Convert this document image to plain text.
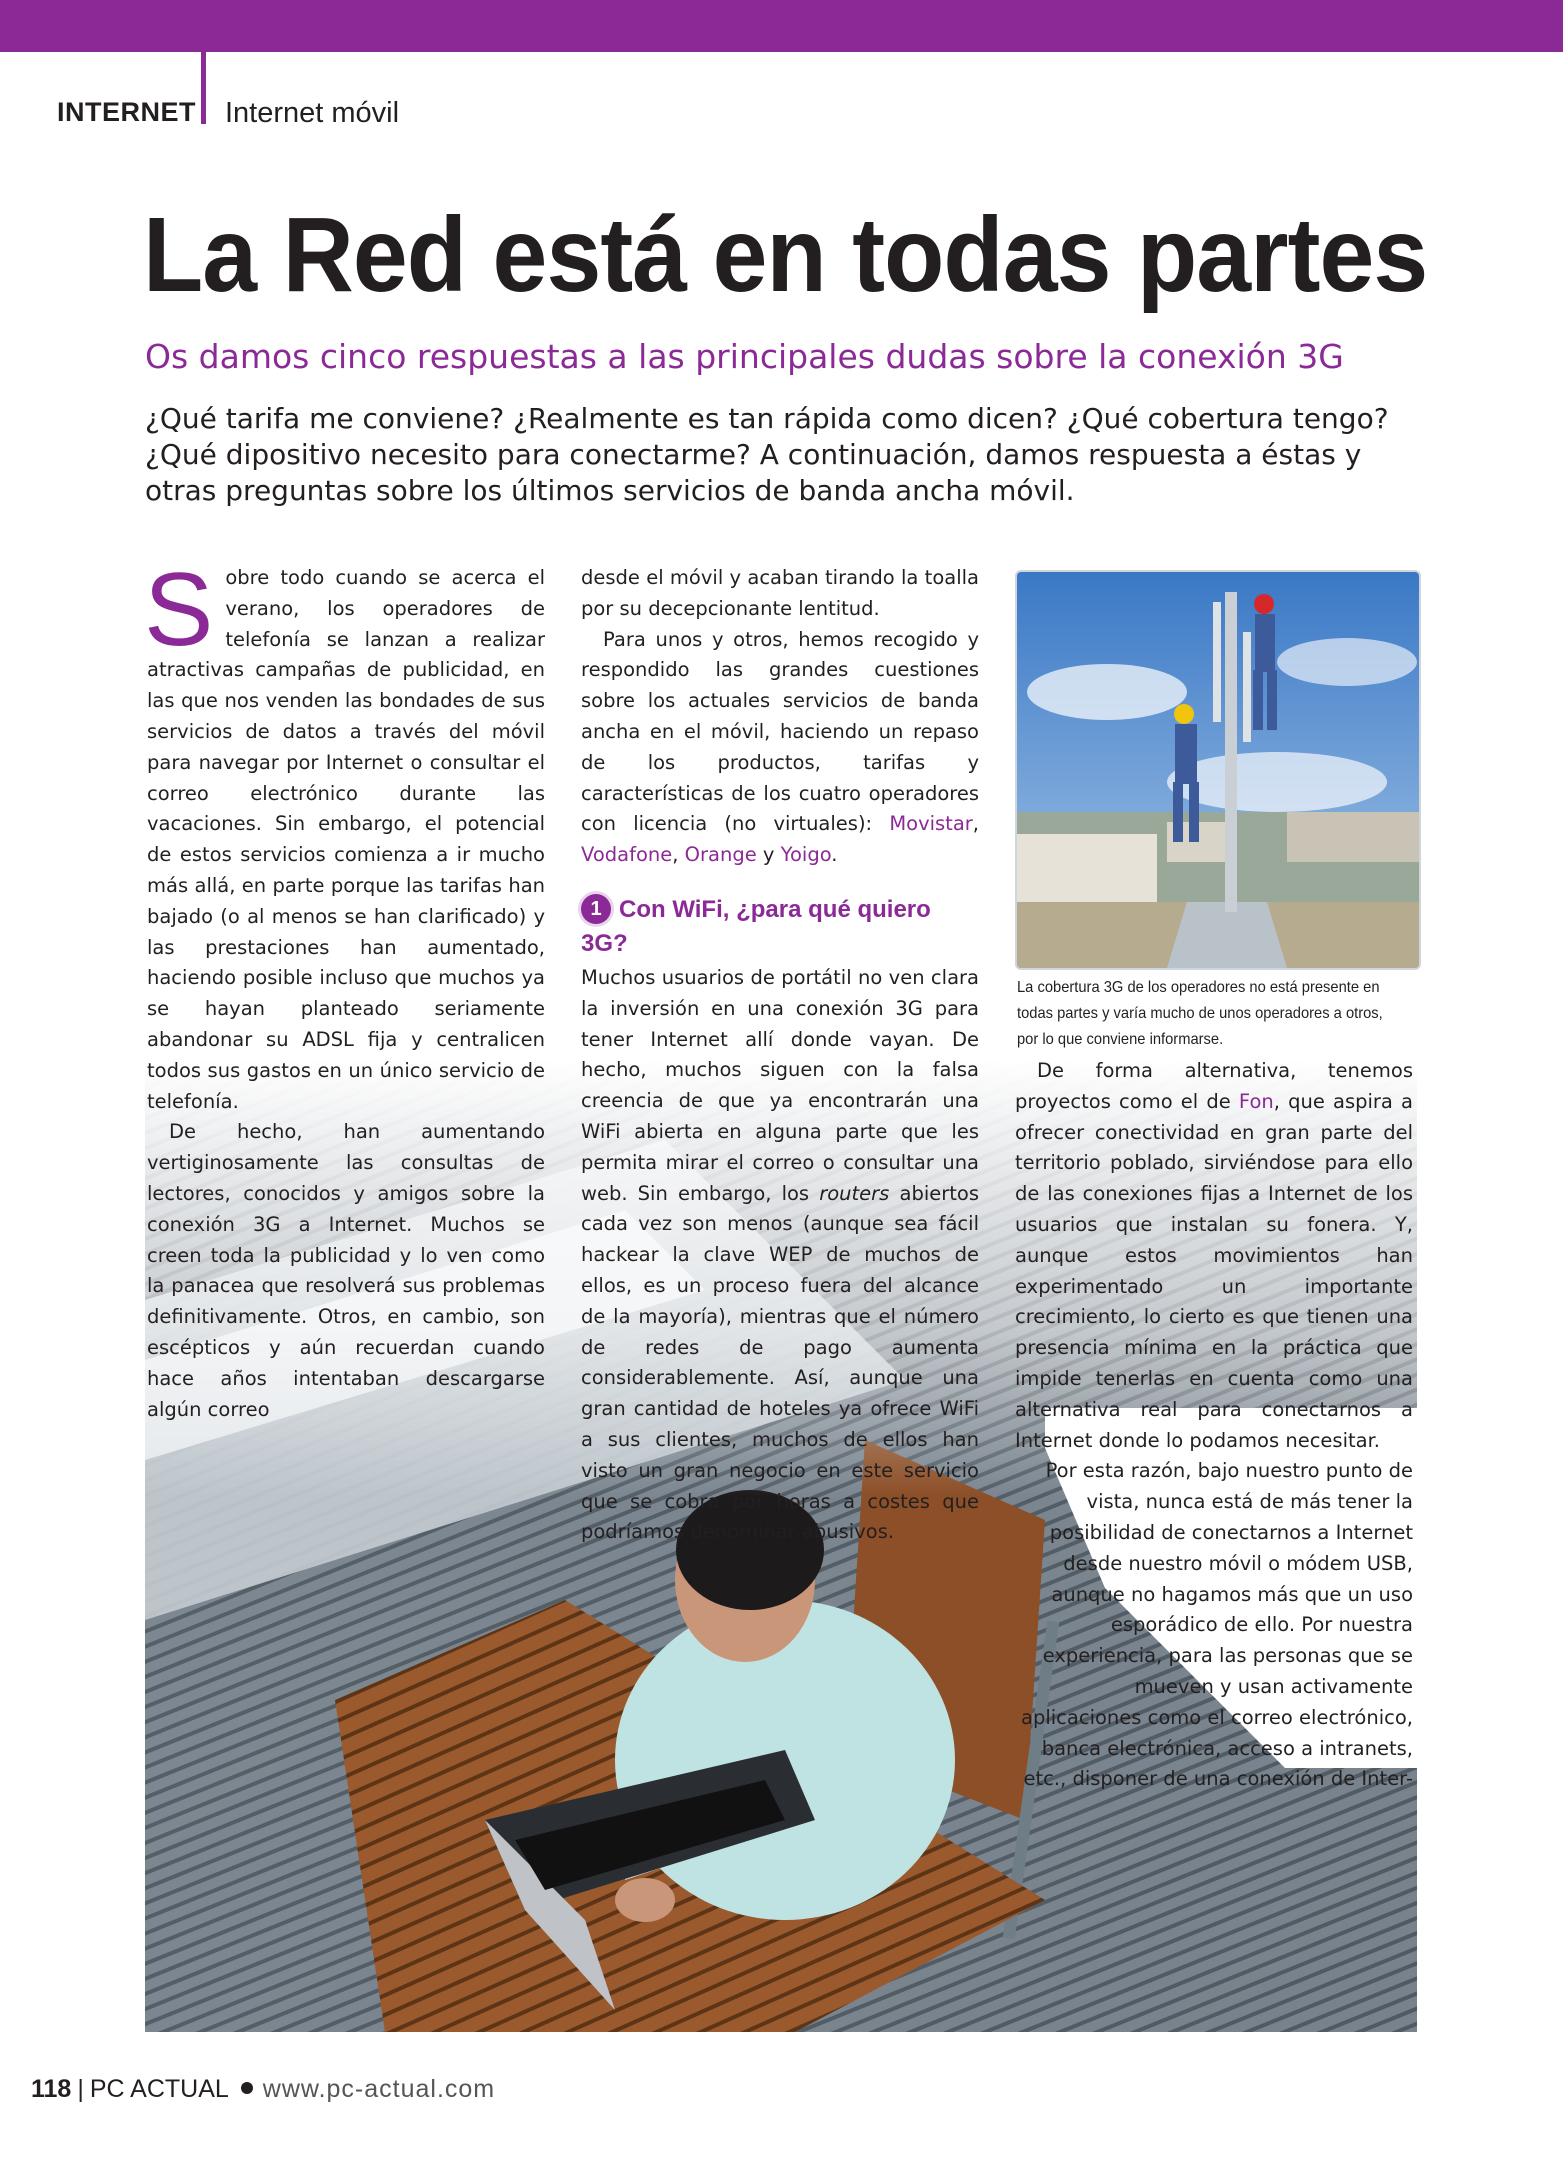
INTERNET Internet móvil
La Red está en todas partes
Os damos cinco respuestas a las principales dudas sobre la conexión 3G
¿Qué tarifa me conviene? ¿Realmente es tan rápida como dicen? ¿Qué cobertura tengo? ¿Qué dipositivo necesito para conectarme? A continuación, damos respuesta a éstas y otras preguntas sobre los últimos servicios de banda ancha móvil.
S obre todo cuando se acerca el verano, los operadores de telefonía se lanzan a realizar atractivas campañas de publicidad, en las que nos venden las bondades de sus servicios de datos a través del móvil para navegar por Internet o consultar el correo electrónico durante las vacaciones. Sin embargo, el potencial de estos servicios comienza a ir mucho más allá, en parte porque las tarifas han bajado (o al menos se han clarificado) y las prestaciones han aumentado, haciendo posible incluso que muchos ya se hayan planteado seriamente abandonar su ADSL fija y centralicen todos sus gastos en un único servicio de telefonía.

De hecho, han aumentando vertiginosamente las consultas de lectores, conocidos y amigos sobre la conexión 3G a Internet. Muchos se creen toda la publicidad y lo ven como la panacea que resolverá sus problemas definitivamente. Otros, en cambio, son escépticos y aún recuerdan cuando hace años intentaban descargarse algún correo

desde el móvil y acaban tirando la toalla por su decepcionante lentitud.

Para unos y otros, hemos recogido y respondido las grandes cuestiones sobre los actuales servicios de banda ancha en el móvil, haciendo un repaso de los productos, tarifas y características de los cuatro operadores con licencia (no virtuales): Movistar, Vodafone, Orange y Yoigo.

1 Con WiFi, ¿para qué quiero 3G?

Muchos usuarios de portátil no ven clara la inversión en una conexión 3G para tener Internet allí donde vayan. De hecho, muchos siguen con la falsa creencia de que ya encontrarán una WiFi abierta en alguna parte que les permita mirar el correo o consultar una web. Sin embargo, los routers abiertos cada vez son menos (aunque sea fácil hackear la clave WEP de muchos de ellos, es un proceso fuera del alcance de la mayoría), mientras que el número de redes de pago aumenta considerablemente. Así, aunque una gran cantidad de hoteles ya ofrece WiFi a sus clientes, muchos de ellos han visto un gran negocio en este servicio que se cobra por horas a costes que podríamos denominar abusivos.

La cobertura 3G de los operadores no está presente en todas partes y varía mucho de unos operadores a otros, por lo que conviene informarse.

De forma alternativa, tenemos proyectos como el de Fon, que aspira a ofrecer conectividad en gran parte del territorio poblado, sirviéndose para ello de las conexiones fijas a Internet de los usuarios que instalan su fonera. Y, aunque estos movimientos han experimentado un importante crecimiento, lo cierto es que tienen una presencia mínima en la práctica que impide tenerlas en cuenta como una alternativa real para conectarnos a Internet donde lo podamos necesitar.

Por esta razón, bajo nuestro punto de vista, nunca está de más tener la posibilidad de conectarnos a Internet desde nuestro móvil o módem USB, aunque no hagamos más que un uso esporádico de ello. Por nuestra experiencia, para las personas que se mueven y usan activamente aplicaciones como el correo electrónico, banca electrónica, acceso a intranets, etc., disponer de una conexión de Inter-

118 | PC ACTUAL www.pc-actual.com
